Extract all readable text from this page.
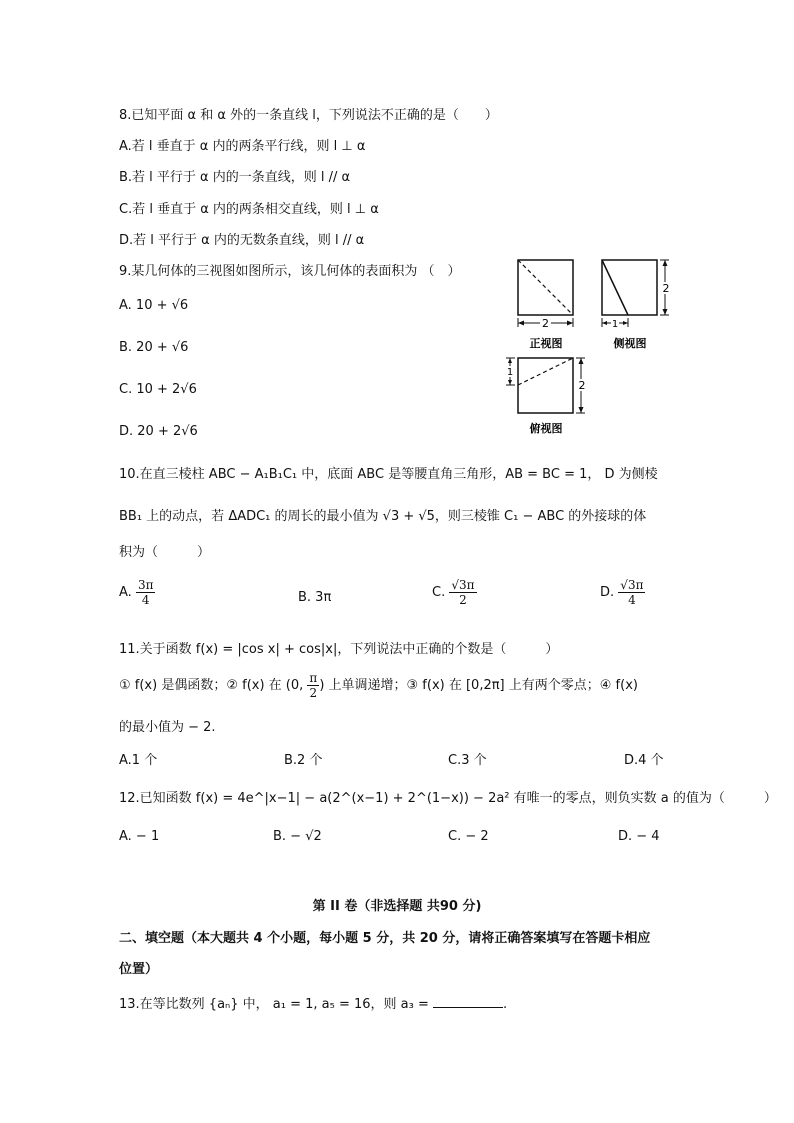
8.已知平面 α 和 α 外的一条直线 l，下列说法不正确的是（　　）
A.若 l 垂直于 α 内的两条平行线，则 l ⊥ α
B.若 l 平行于 α 内的一条直线，则 l // α
C.若 l 垂直于 α 内的两条相交直线，则 l ⊥ α
D.若 l 平行于 α 内的无数条直线，则 l // α
9.某几何体的三视图如图所示，该几何体的表面积为 （　）
A. 10 + √6
B. 20 + √6
C. 10 + 2√6
D. 20 + 2√6
2
正视图
2
1
侧视图
1
2
俯视图
10.在直三棱柱 ABC − A₁B₁C₁ 中，底面 ABC 是等腰直角三角形，AB = BC = 1， D 为侧棱
BB₁ 上的动点，若 ΔADC₁ 的周长的最小值为 √3 + √5，则三棱锥 C₁ − ABC 的外接球的体
积为（　　　）
A. $\frac{3\pi}{4}$	B. 3π	C. $\frac{√3\pi}{2}$	D. $\frac{√3\pi}{4}$
11.关于函数 f(x) = |cos x| + cos|x|，下列说法中正确的个数是（　　　）
① f(x) 是偶函数；② f(x) 在 (0, $\frac{\pi}{2}$ ) 上单调递增；③ f(x) 在 [0,2π] 上有两个零点；④ f(x)
的最小值为 − 2.
A.1 个	B.2 个	C.3 个	D.4 个
12.已知函数 f(x) = 4e^|x−1| − a(2^(x−1) + 2^(1−x)) − 2a² 有唯一的零点，则负实数 a 的值为（　　　）
A. − 1	B. − √2	C. − 2	D. − 4
第 II 卷（非选择题 共90 分)
二、填空题（本大题共 4 个小题，每小题 5 分，共 20 分，请将正确答案填写在答题卡相应
位置）
13.在等比数列 {aₙ} 中， a₁ = 1, a₅ = 16，则 a₃ =	.
